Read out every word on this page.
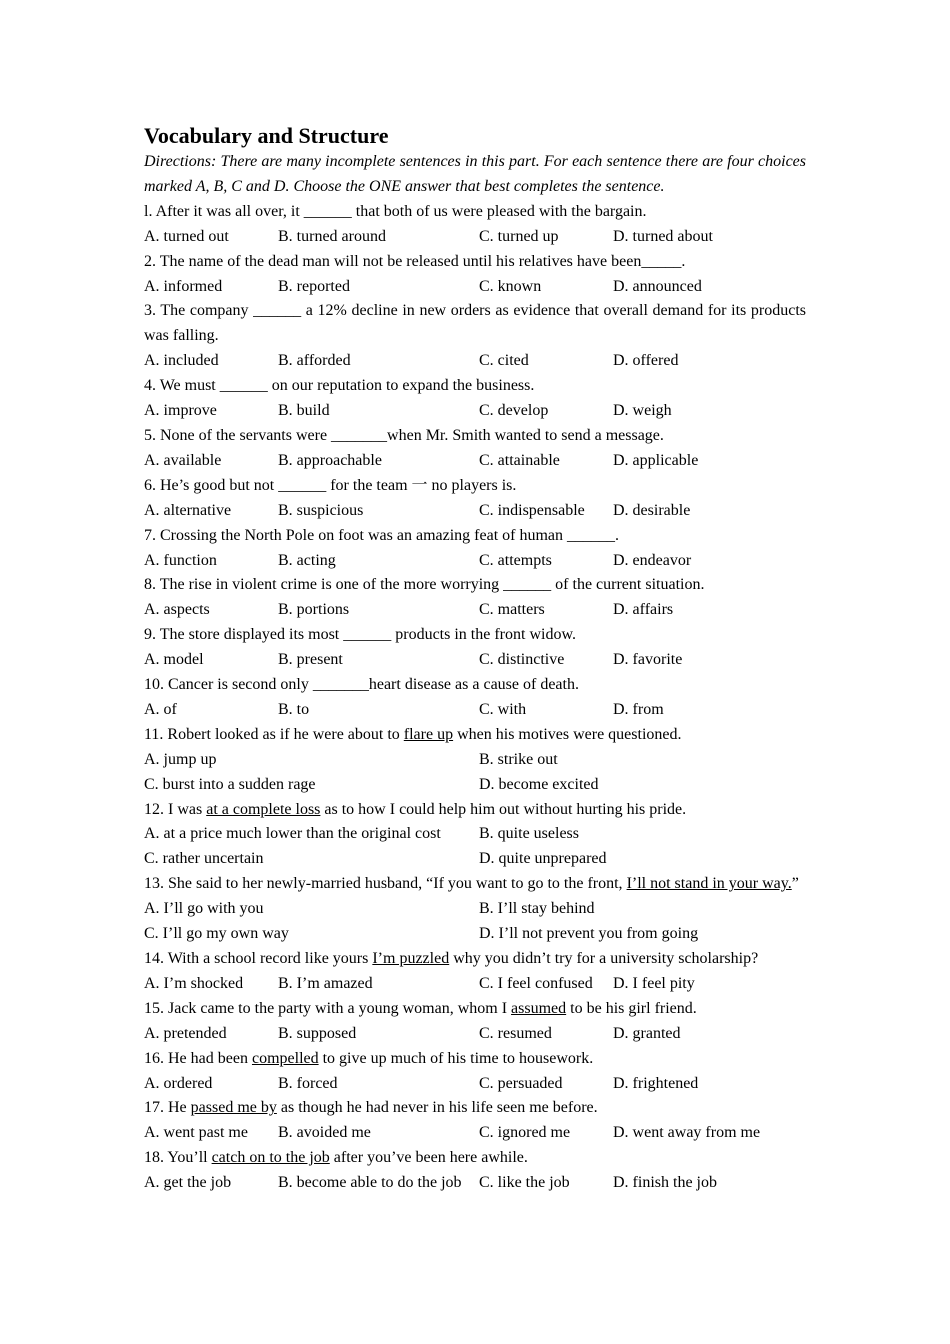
Vocabulary and Structure

Directions: There are many incomplete sentences in this part. For each sentence there are four choices marked A, B, C and D. Choose the ONE answer that best completes the sentence.

l. After it was all over, it ______ that both of us were pleased with the bargain.

A. turned out	B. turned around	C. turned up	D. turned about

2. The name of the dead man will not be released until his relatives have been_____.

A. informed	B. reported	C. known	D. announced

3. The company ______ a 12% decline in new orders as evidence that overall demand for its products was falling.

A. included	B. afforded	C. cited	D. offered

4. We must ______ on our reputation to expand the business.

A. improve	B. build	C. develop	D. weigh

5. None of the servants were _______when Mr. Smith wanted to send a message.

A. available	B. approachable	C. attainable	D. applicable

6. He’s good but not ______ for the team 一 no players is.

A. alternative	B. suspicious	C. indispensable	D. desirable

7. Crossing the North Pole on foot was an amazing feat of human ______.

A. function	B. acting	C. attempts	D. endeavor

8. The rise in violent crime is one of the more worrying ______ of the current situation.

A. aspects	B. portions	C. matters	D. affairs

9. The store displayed its most ______ products in the front widow.

A. model	B. present	C. distinctive	D. favorite

10. Cancer is second only _______heart disease as a cause of death.

A. of	B. to	C. with	D. from

11. Robert looked as if he were about to flare up when his motives were questioned.

A. jump up	B. strike out
C. burst into a sudden rage	D. become excited

12. I was at a complete loss as to how I could help him out without hurting his pride.

A. at a price much lower than the original cost	B. quite useless
C. rather uncertain	D. quite unprepared

13. She said to her newly-married husband, “If you want to go to the front, I’ll not stand in your way.”

A. I’ll go with you	B. I’ll stay behind
C. I’ll go my own way	D. I’ll not prevent you from going

14. With a school record like yours I’m puzzled why you didn’t try for a university scholarship?

A. I’m shocked	B. I’m amazed	C. I feel confused	D. I feel pity

15. Jack came to the party with a young woman, whom I assumed to be his girl friend.

A. pretended	B. supposed	C. resumed	D. granted

16. He had been compelled to give up much of his time to housework.

A. ordered	B. forced	C. persuaded	D. frightened

17. He passed me by as though he had never in his life seen me before.

A. went past me	B. avoided me	C. ignored me	D. went away from me

18. You’ll catch on to the job after you’ve been here awhile.

A. get the job	B. become able to do the job	C. like the job	D. finish the job
